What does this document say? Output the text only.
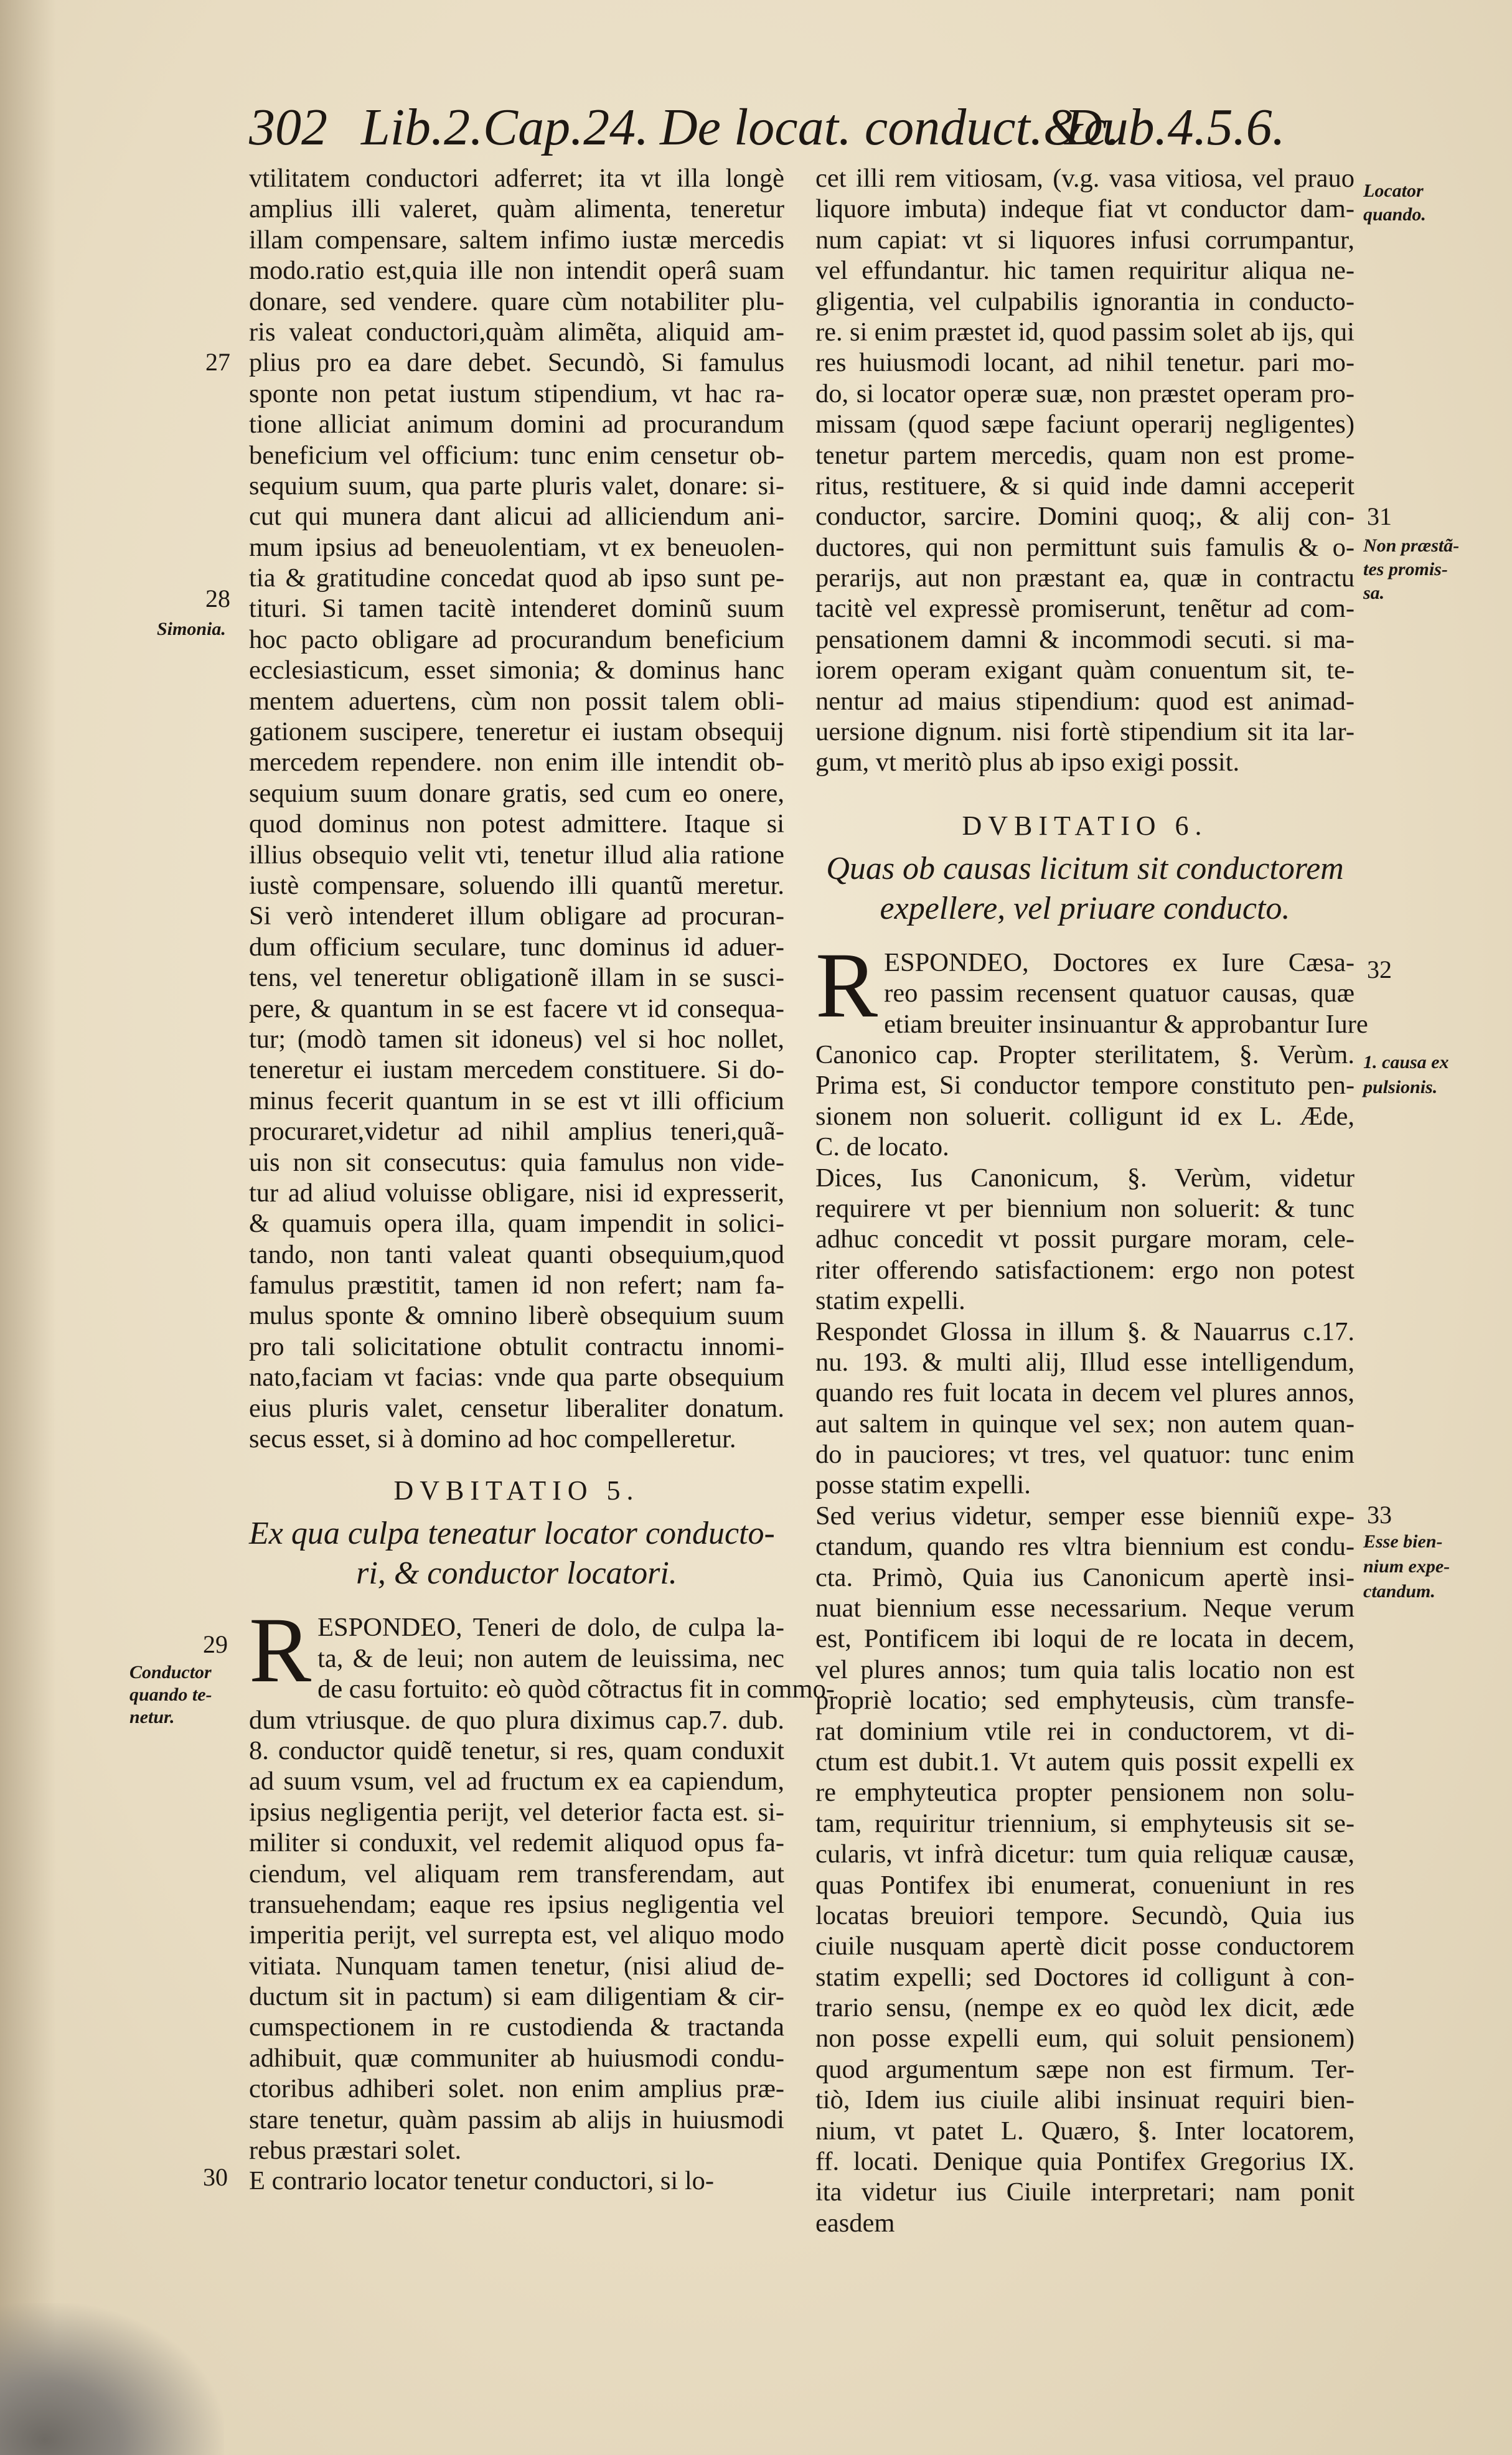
302 Lib.2.Cap.24. De locat. conduct.&c.
Dub.4.5.6.
vtilitatem conductori adferret; ita vt illa longè
amplius illi valeret, quàm alimenta, teneretur
illam compensare, saltem infimo iustæ mercedis
modo.ratio est,quia ille non intendit operâ suam
donare, sed vendere. quare cùm notabiliter plu-
ris valeat conductori,quàm alimẽta, aliquid am-
plius pro ea dare debet. Secundò, Si famulus
sponte non petat iustum stipendium, vt hac ra-
tione alliciat animum domini ad procurandum
beneficium vel officium: tunc enim censetur ob-
sequium suum, qua parte pluris valet, donare: si-
cut qui munera dant alicui ad alliciendum ani-
mum ipsius ad beneuolentiam, vt ex beneuolen-
tia & gratitudine concedat quod ab ipso sunt pe-
tituri. Si tamen tacitè intenderet dominũ suum
hoc pacto obligare ad procurandum beneficium
ecclesiasticum, esset simonia; & dominus hanc
mentem aduertens, cùm non possit talem obli-
gationem suscipere, teneretur ei iustam obsequij
mercedem rependere. non enim ille intendit ob-
sequium suum donare gratis, sed cum eo onere,
quod dominus non potest admittere. Itaque si
illius obsequio velit vti, tenetur illud alia ratione
iustè compensare, soluendo illi quantũ meretur.
Si verò intenderet illum obligare ad procuran-
dum officium seculare, tunc dominus id aduer-
tens, vel teneretur obligationẽ illam in se susci-
pere, & quantum in se est facere vt id consequa-
tur; (modò tamen sit idoneus) vel si hoc nollet,
teneretur ei iustam mercedem constituere. Si do-
minus fecerit quantum in se est vt illi officium
procuraret,videtur ad nihil amplius teneri,quã-
uis non sit consecutus: quia famulus non vide-
tur ad aliud voluisse obligare, nisi id expresserit,
& quamuis opera illa, quam impendit in solici-
tando, non tanti valeat quanti obsequium,quod
famulus præstitit, tamen id non refert; nam fa-
mulus sponte & omnino liberè obsequium suum
pro tali solicitatione obtulit contractu innomi-
nato,faciam vt facias: vnde qua parte obsequium
eius pluris valet, censetur liberaliter donatum.
secus esset, si à domino ad hoc compelleretur.
DVBITATIO 5.
Ex qua culpa teneatur locator conducto-
ri, & conductor locatori.
R ESPONDEO, Teneri de dolo, de culpa la-
ta, & de leui; non autem de leuissima, nec
de casu fortuito: eò quòd cõtractus fit in commo-
dum vtriusque. de quo plura diximus cap.7. dub.
8. conductor quidẽ tenetur, si res, quam conduxit
ad suum vsum, vel ad fructum ex ea capiendum,
ipsius negligentia perijt, vel deterior facta est. si-
militer si conduxit, vel redemit aliquod opus fa-
ciendum, vel aliquam rem transferendam, aut
transuehendam; eaque res ipsius negligentia vel
imperitia perijt, vel surrepta est, vel aliquo modo
vitiata. Nunquam tamen tenetur, (nisi aliud de-
ductum sit in pactum) si eam diligentiam & cir-
cumspectionem in re custodienda & tractanda
adhibuit, quæ communiter ab huiusmodi condu-
ctoribus adhiberi solet. non enim amplius præ-
stare tenetur, quàm passim ab alijs in huiusmodi
rebus præstari solet.
E contrario locator tenetur conductori, si lo-
cet illi rem vitiosam, (v.g. vasa vitiosa, vel prauo
liquore imbuta) indeque fiat vt conductor dam-
num capiat: vt si liquores infusi corrumpantur,
vel effundantur. hic tamen requiritur aliqua ne-
gligentia, vel culpabilis ignorantia in conducto-
re. si enim præstet id, quod passim solet ab ijs, qui
res huiusmodi locant, ad nihil tenetur. pari mo-
do, si locator operæ suæ, non præstet operam pro-
missam (quod sæpe faciunt operarij negligentes)
tenetur partem mercedis, quam non est prome-
ritus, restituere, & si quid inde damni acceperit
conductor, sarcire. Domini quoq;, & alij con-
ductores, qui non permittunt suis famulis & o-
perarijs, aut non præstant ea, quæ in contractu
tacitè vel expressè promiserunt, tenẽtur ad com-
pensationem damni & incommodi secuti. si ma-
iorem operam exigant quàm conuentum sit, te-
nentur ad maius stipendium: quod est animad-
uersione dignum. nisi fortè stipendium sit ita lar-
gum, vt meritò plus ab ipso exigi possit.
DVBITATIO 6.
Quas ob causas licitum sit conductorem
expellere, vel priuare conducto.
R ESPONDEO, Doctores ex Iure Cæsa-
reo passim recensent quatuor causas, quæ
etiam breuiter insinuantur & approbantur Iure
Canonico cap. Propter sterilitatem, §. Verùm.
Prima est, Si conductor tempore constituto pen-
sionem non soluerit. colligunt id ex L. Æde,
C. de locato.
Dices, Ius Canonicum, §. Verùm, videtur
requirere vt per biennium non soluerit: & tunc
adhuc concedit vt possit purgare moram, cele-
riter offerendo satisfactionem: ergo non potest
statim expelli.
Respondet Glossa in illum §. & Nauarrus c.17.
nu. 193. & multi alij, Illud esse intelligendum,
quando res fuit locata in decem vel plures annos,
aut saltem in quinque vel sex; non autem quan-
do in pauciores; vt tres, vel quatuor: tunc enim
posse statim expelli.
Sed verius videtur, semper esse bienniũ expe-
ctandum, quando res vltra biennium est condu-
cta. Primò, Quia ius Canonicum apertè insi-
nuat biennium esse necessarium. Neque verum
est, Pontificem ibi loqui de re locata in decem,
vel plures annos; tum quia talis locatio non est
propriè locatio; sed emphyteusis, cùm transfe-
rat dominium vtile rei in conductorem, vt di-
ctum est dubit.1. Vt autem quis possit expelli ex
re emphyteutica propter pensionem non solu-
tam, requiritur triennium, si emphyteusis sit se-
cularis, vt infrà dicetur: tum quia reliquæ causæ,
quas Pontifex ibi enumerat, conueniunt in res
locatas breuiori tempore. Secundò, Quia ius
ciuile nusquam apertè dicit posse conductorem
statim expelli; sed Doctores id colligunt à con-
trario sensu, (nempe ex eo quòd lex dicit, æde
non posse expelli eum, qui soluit pensionem)
quod argumentum sæpe non est firmum. Ter-
tiò, Idem ius ciuile alibi insinuat requiri bien-
nium, vt patet L. Quæro, §. Inter locatorem,
ff. locati. Denique quia Pontifex Gregorius IX.
ita videtur ius Ciuile interpretari; nam ponit
easdem
27
28
Simonia.
29
Conductor
quando te-
netur.
30
Locator
quando.
31
Non præstã-
tes promis-
sa.
32
1. causa ex
pulsionis.
33
Esse bien-
nium expe-
ctandum.
